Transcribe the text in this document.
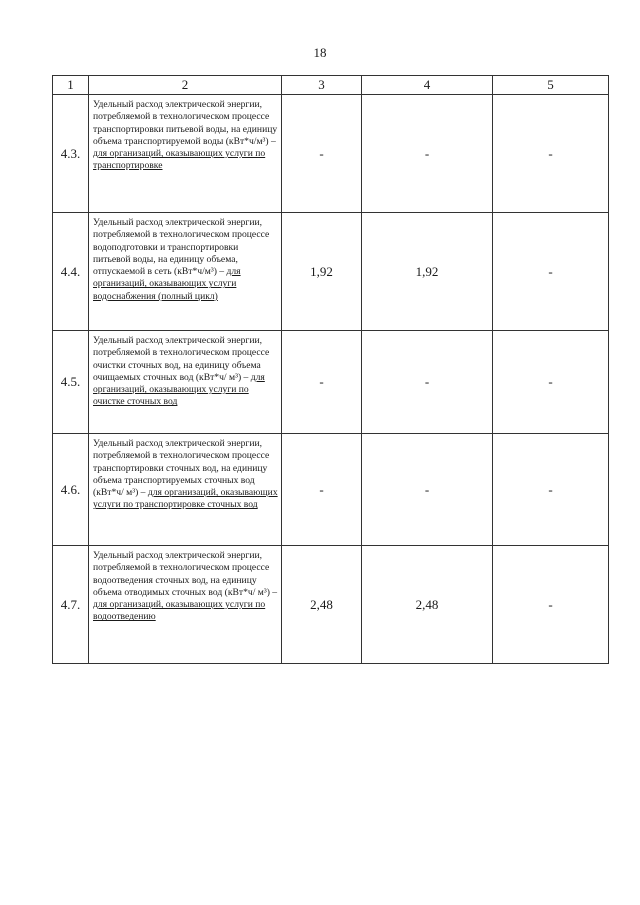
18
1	2	3	4	5
4.3.	Удельный расход электрической энергии, потребляемой в технологическом процессе транспортировки питьевой воды, на единицу объема транспортируемой воды (кВт*ч/м³) – для организаций, оказывающих услуги по транспортировке	-	-	-
4.4.	Удельный расход электрической энергии, потребляемой в технологическом процессе водоподготовки и транспортировки питьевой воды, на единицу объема, отпускаемой в сеть (кВт*ч/м³) – для организаций, оказывающих услуги водоснабжения (полный цикл)	1,92	1,92	-
4.5.	Удельный расход электрической энергии, потребляемой в технологическом процессе очистки сточных вод, на единицу объема очищаемых сточных вод (кВт*ч/ м³) – для организаций, оказывающих услуги по очистке сточных вод	-	-	-
4.6.	Удельный расход электрической энергии, потребляемой в технологическом процессе транспортировки сточных вод, на единицу объема транспортируемых сточных вод (кВт*ч/ м³) – для организаций, оказывающих услуги по транспортировке сточных вод	-	-	-
4.7.	Удельный расход электрической энергии, потребляемой в технологическом процессе водоотведения сточных вод, на единицу объема отводимых сточных вод (кВт*ч/ м³) – для организаций, оказывающих услуги по водоотведению	2,48	2,48	-
